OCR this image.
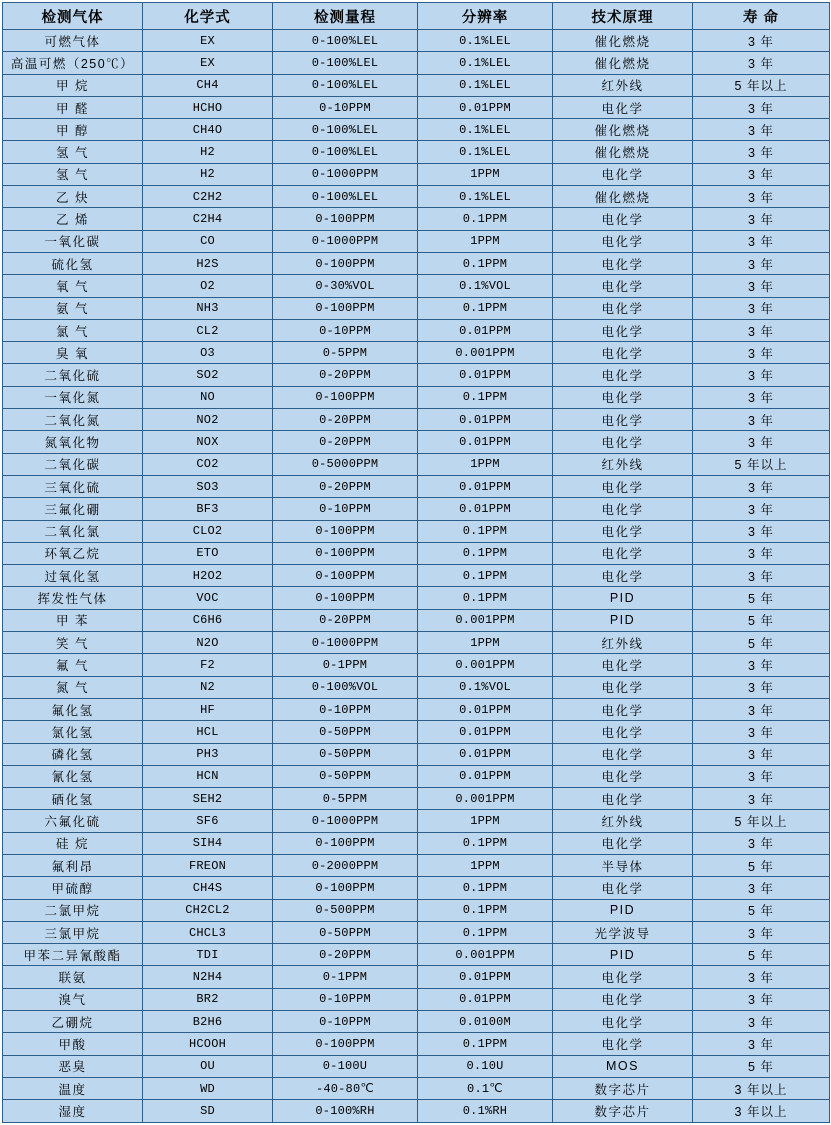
检测气体	化学式	检测量程	分辨率	技术原理	寿 命
可燃气体	EX	0-100%LEL	0.1%LEL	催化燃烧	3 年
高温可燃（250℃）	EX	0-100%LEL	0.1%LEL	催化燃烧	3 年
甲 烷	CH4	0-100%LEL	0.1%LEL	红外线	5 年以上
甲 醛	HCHO	0-10PPM	0.01PPM	电化学	3 年
甲 醇	CH4O	0-100%LEL	0.1%LEL	催化燃烧	3 年
氢 气	H2	0-100%LEL	0.1%LEL	催化燃烧	3 年
氢 气	H2	0-1000PPM	1PPM	电化学	3 年
乙 炔	C2H2	0-100%LEL	0.1%LEL	催化燃烧	3 年
乙 烯	C2H4	0-100PPM	0.1PPM	电化学	3 年
一氧化碳	CO	0-1000PPM	1PPM	电化学	3 年
硫化氢	H2S	0-100PPM	0.1PPM	电化学	3 年
氧 气	O2	0-30%VOL	0.1%VOL	电化学	3 年
氨 气	NH3	0-100PPM	0.1PPM	电化学	3 年
氯 气	CL2	0-10PPM	0.01PPM	电化学	3 年
臭 氧	O3	0-5PPM	0.001PPM	电化学	3 年
二氧化硫	SO2	0-20PPM	0.01PPM	电化学	3 年
一氧化氮	NO	0-100PPM	0.1PPM	电化学	3 年
二氧化氮	NO2	0-20PPM	0.01PPM	电化学	3 年
氮氧化物	NOX	0-20PPM	0.01PPM	电化学	3 年
二氧化碳	CO2	0-5000PPM	1PPM	红外线	5 年以上
三氧化硫	SO3	0-20PPM	0.01PPM	电化学	3 年
三氟化硼	BF3	0-10PPM	0.01PPM	电化学	3 年
二氧化氯	CLO2	0-100PPM	0.1PPM	电化学	3 年
环氧乙烷	ETO	0-100PPM	0.1PPM	电化学	3 年
过氧化氢	H2O2	0-100PPM	0.1PPM	电化学	3 年
挥发性气体	VOC	0-100PPM	0.1PPM	PID	5 年
甲 苯	C6H6	0-20PPM	0.001PPM	PID	5 年
笑 气	N2O	0-1000PPM	1PPM	红外线	5 年
氟 气	F2	0-1PPM	0.001PPM	电化学	3 年
氮 气	N2	0-100%VOL	0.1%VOL	电化学	3 年
氟化氢	HF	0-10PPM	0.01PPM	电化学	3 年
氯化氢	HCL	0-50PPM	0.01PPM	电化学	3 年
磷化氢	PH3	0-50PPM	0.01PPM	电化学	3 年
氰化氢	HCN	0-50PPM	0.01PPM	电化学	3 年
硒化氢	SEH2	0-5PPM	0.001PPM	电化学	3 年
六氟化硫	SF6	0-1000PPM	1PPM	红外线	5 年以上
硅 烷	SIH4	0-100PPM	0.1PPM	电化学	3 年
氟利昂	FREON	0-2000PPM	1PPM	半导体	5 年
甲硫醇	CH4S	0-100PPM	0.1PPM	电化学	3 年
二氯甲烷	CH2CL2	0-500PPM	0.1PPM	PID	5 年
三氯甲烷	CHCL3	0-50PPM	0.1PPM	光学波导	3 年
甲苯二异氰酸酯	TDI	0-20PPM	0.001PPM	PID	5 年
联氨	N2H4	0-1PPM	0.01PPM	电化学	3 年
溴气	BR2	0-10PPM	0.01PPM	电化学	3 年
乙硼烷	B2H6	0-10PPM	0.0100M	电化学	3 年
甲酸	HCOOH	0-100PPM	0.1PPM	电化学	3 年
恶臭	OU	0-100U	0.10U	MOS	5 年
温度	WD	-40-80℃	0.1℃	数字芯片	3 年以上
湿度	SD	0-100%RH	0.1%RH	数字芯片	3 年以上
